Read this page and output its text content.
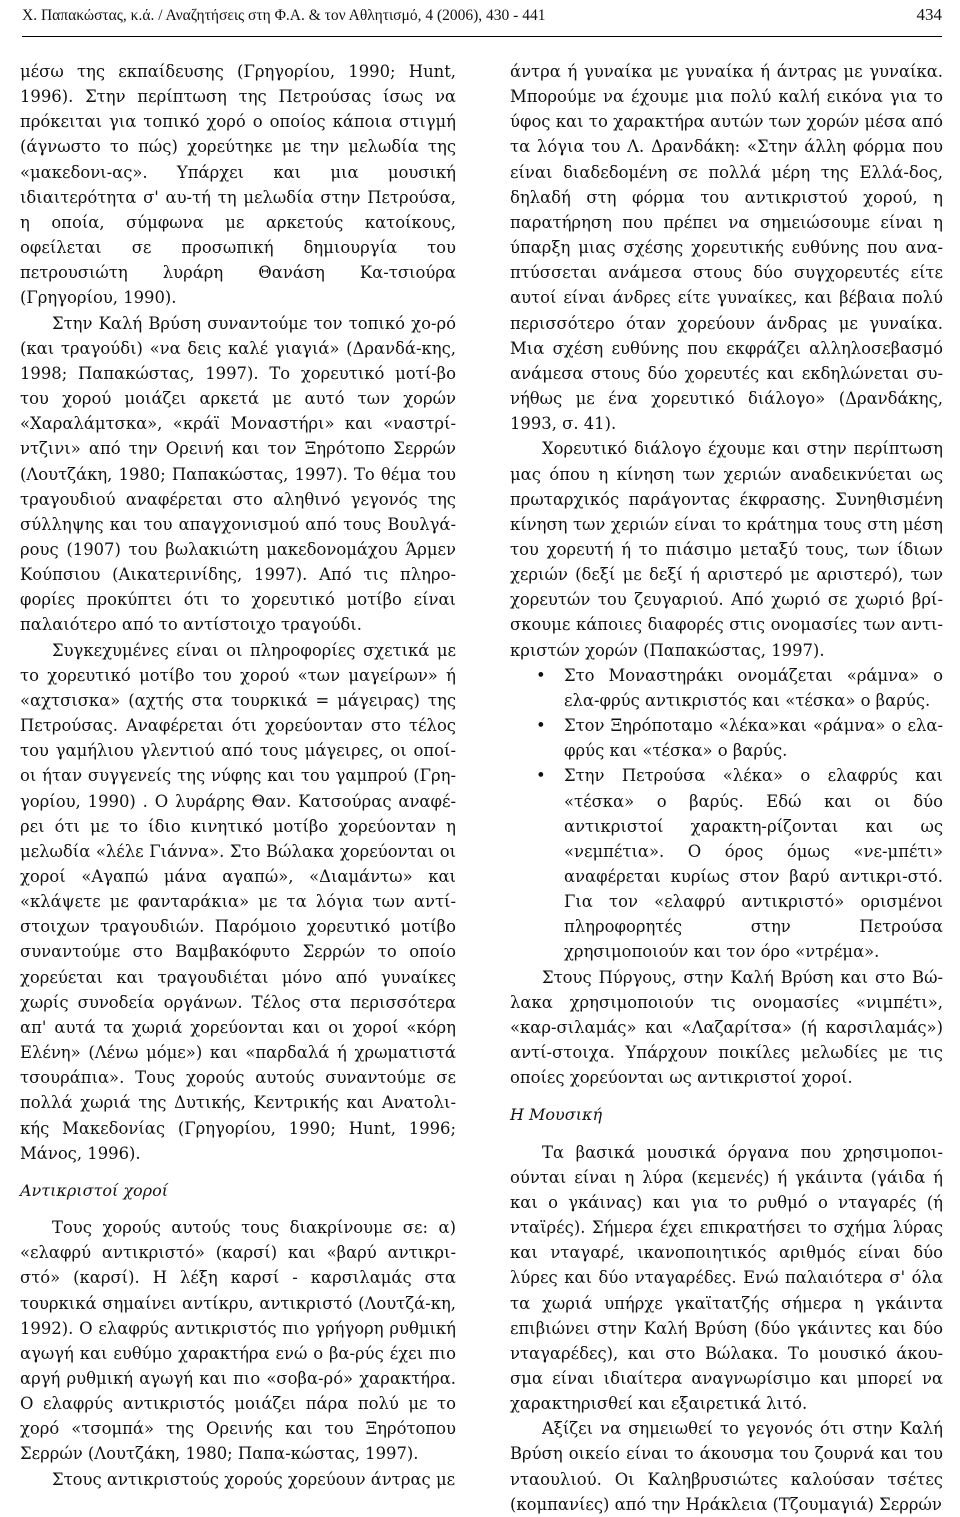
Χ. Παπακώστας, κ.ά. / Αναζητήσεις στη Φ.Α. & τον Αθλητισμό, 4 (2006), 430 - 441	434

μέσω της εκπαίδευσης (Γρηγορίου, 1990; Hunt, 1996). Στην περίπτωση της Πετρούσας ίσως να πρόκειται για τοπικό χορό ο οποίος κάποια στιγμή (άγνωστο το πώς) χορεύτηκε με την μελωδία της «μακεδονι-ας». Υπάρχει και μια μουσική ιδιαιτερότητα σ' αυ-τή τη μελωδία στην Πετρούσα, η οποία, σύμφωνα με αρκετούς κατοίκους, οφείλεται σε προσωπική δημιουργία του πετρουσιώτη λυράρη Θανάση Κα-τσιούρα (Γρηγορίου, 1990).

Στην Καλή Βρύση συναντούμε τον τοπικό χο-ρό (και τραγούδι) «να δεις καλέ γιαγιά» (Δρανδά-κης, 1998; Παπακώστας, 1997). Το χορευτικό μοτί-βο του χορού μοιάζει αρκετά με αυτό των χορών «Χαραλάμτσκα», «κράϊ Μοναστήρι» και «ναστρί-ντζινι» από την Ορεινή και τον Ξηρότοπο Σερρών (Λουτζάκη, 1980; Παπακώστας, 1997). Το θέμα του τραγουδιού αναφέρεται στο αληθινό γεγονός της σύλληψης και του απαγχονισμού από τους Βουλγά-ρους (1907) του βωλακιώτη μακεδονομάχου Άρμεν Κούπσιου (Αικατερινίδης, 1997). Από τις πληρο-φορίες προκύπτει ότι το χορευτικό μοτίβο είναι παλαιότερο από το αντίστοιχο τραγούδι.

Συγκεχυμένες είναι οι πληροφορίες σχετικά με το χορευτικό μοτίβο του χορού «των μαγείρων» ή «αχτσισκα» (αχτής στα τουρκικά = μάγειρας) της Πετρούσας. Αναφέρεται ότι χορεύονταν στο τέλος του γαμήλιου γλεντιού από τους μάγειρες, οι οποί-οι ήταν συγγενείς της νύφης και του γαμπρού (Γρη-γορίου, 1990) . Ο λυράρης Θαν. Κατσούρας αναφέ-ρει ότι με το ίδιο κινητικό μοτίβο χορεύονταν η μελωδία «λέλε Γιάννα». Στο Βώλακα χορεύονται οι χοροί «Αγαπώ μάνα αγαπώ», «Διαμάντω» και «κλάψετε με φανταράκια» με τα λόγια των αντί-στοιχων τραγουδιών. Παρόμοιο χορευτικό μοτίβο συναντούμε στο Βαμβακόφυτο Σερρών το οποίο χορεύεται και τραγουδιέται μόνο από γυναίκες χωρίς συνοδεία οργάνων. Τέλος στα περισσότερα απ' αυτά τα χωριά χορεύονται και οι χοροί «κόρη Ελένη» (Λένω μόμε») και «παρδαλά ή χρωματιστά τσουράπια». Τους χορούς αυτούς συναντούμε σε πολλά χωριά της Δυτικής, Κεντρικής και Ανατολι-κής Μακεδονίας (Γρηγορίου, 1990; Hunt, 1996; Μάνος, 1996).

Αντικριστοί χοροί

Τους χορούς αυτούς τους διακρίνουμε σε: α) «ελαφρύ αντικριστό» (καρσί) και «βαρύ αντικρι-στό» (καρσί). Η λέξη καρσί - καρσιλαμάς στα τουρκικά σημαίνει αντίκρυ, αντικριστό (Λουτζά-κη, 1992). Ο ελαφρύς αντικριστός πιο γρήγορη ρυθμική αγωγή και ευθύμο χαρακτήρα ενώ ο βα-ρύς έχει πιο αργή ρυθμική αγωγή και πιο «σοβα-ρό» χαρακτήρα. Ο ελαφρύς αντικριστός μοιάζει πάρα πολύ με το χορό «τσομπά» της Ορεινής και του Ξηρότοπου Σερρών (Λουτζάκη, 1980; Παπα-κώστας, 1997).

Στους αντικριστούς χορούς χορεύουν άντρας με

άντρα ή γυναίκα με γυναίκα ή άντρας με γυναίκα. Μπορούμε να έχουμε μια πολύ καλή εικόνα για το ύφος και το χαρακτήρα αυτών των χορών μέσα από τα λόγια του Λ. Δρανδάκη: «Στην άλλη φόρμα που είναι διαδεδομένη σε πολλά μέρη της Ελλά-δος, δηλαδή στη φόρμα του αντικριστού χορού, η παρατήρηση που πρέπει να σημειώσουμε είναι η ύπαρξη μιας σχέσης χορευτικής ευθύνης που ανα-πτύσσεται ανάμεσα στους δύο συγχορευτές είτε αυτοί είναι άνδρες είτε γυναίκες, και βέβαια πολύ περισσότερο όταν χορεύουν άνδρας με γυναίκα. Μια σχέση ευθύνης που εκφράζει αλληλοσεβασμό ανάμεσα στους δύο χορευτές και εκδηλώνεται συ-νήθως με ένα χορευτικό διάλογο» (Δρανδάκης, 1993, σ. 41).

Χορευτικό διάλογο έχουμε και στην περίπτωση μας όπου η κίνηση των χεριών αναδεικνύεται ως πρωταρχικός παράγοντας έκφρασης. Συνηθισμένη κίνηση των χεριών είναι το κράτημα τους στη μέση του χορευτή ή το πιάσιμο μεταξύ τους, των ίδιων χεριών (δεξί με δεξί ή αριστερό με αριστερό), των χορευτών του ζευγαριού. Από χωριό σε χωριό βρί-σκουμε κάποιες διαφορές στις ονομασίες των αντι-κριστών χορών (Παπακώστας, 1997).

• Στο Μοναστηράκι ονομάζεται «ράμνα» ο ελα-φρύς αντικριστός και «τέσκα» ο βαρύς.
• Στον Ξηρόποταμο «λέκα»και «ράμνα» ο ελα-φρύς και «τέσκα» ο βαρύς.
• Στην Πετρούσα «λέκα» ο ελαφρύς και «τέσκα» ο βαρύς. Εδώ και οι δύο αντικριστοί χαρακτη-ρίζονται και ως «νεμπέτια». Ο όρος όμως «νε-μπέτι» αναφέρεται κυρίως στον βαρύ αντικρι-στό. Για τον «ελαφρύ αντικριστό» ορισμένοι πληροφορητές στην Πετρούσα χρησιμοποιούν και τον όρο «ντρέμα».

Στους Πύργους, στην Καλή Βρύση και στο Βώ-λακα χρησιμοποιούν τις ονομασίες «νιμπέτι», «καρ-σιλαμάς» και «Λαζαρίτσα» (ή καρσιλαμάς») αντί-στοιχα. Υπάρχουν ποικίλες μελωδίες με τις οποίες χορεύονται ως αντικριστοί χοροί.

Η Μουσική

Τα βασικά μουσικά όργανα που χρησιμοποι-ούνται είναι η λύρα (κεμενές) ή γκάιντα (γάιδα ή και ο γκάινας) και για το ρυθμό ο νταγαρές (ή νταϊρές). Σήμερα έχει επικρατήσει το σχήμα λύρας και νταγαρέ, ικανοποιητικός αριθμός είναι δύο λύρες και δύο νταγαρέδες. Ενώ παλαιότερα σ' όλα τα χωριά υπήρχε γκαϊτατζής σήμερα η γκάιντα επιβιώνει στην Καλή Βρύση (δύο γκάιντες και δύο νταγαρέδες), και στο Βώλακα. Το μουσικό άκου-σμα είναι ιδιαίτερα αναγνωρίσιμο και μπορεί να χαρακτηρισθεί και εξαιρετικά λιτό.

Αξίζει να σημειωθεί το γεγονός ότι στην Καλή Βρύση οικείο είναι το άκουσμα του ζουρνά και του νταουλιού. Οι Καληβρυσιώτες καλούσαν τσέτες (κομπανίες) από την Ηράκλεια (Τζουμαγιά) Σερρών
